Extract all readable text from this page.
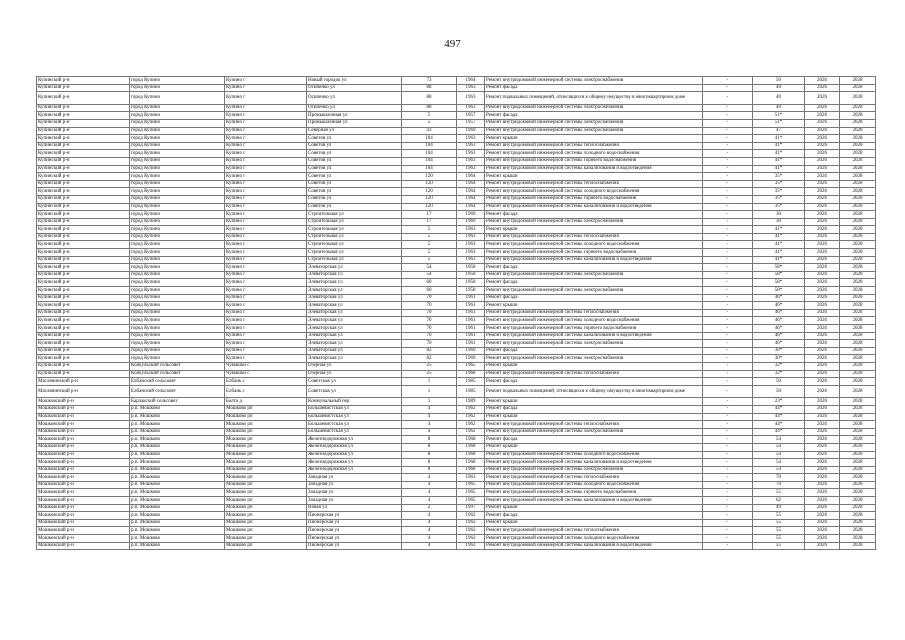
497
Купинский р-н	город Купино	Купино г	Новый городок ул	73	1964	Ремонт внутридомовой инженерной системы электроснабжения	-	50	2026	2028
Купинский р-н	город Купино	Купино г	Осипенко ул	88	1963	Ремонт фасада	-	40	2026	2028
Купинский р-н	город Купино	Купино г	Осипенко ул	88	1963	Ремонт подвальных помещений, относящихся к общему имуществу в многоквартирном доме	-	40	2026	2028
Купинский р-н	город Купино	Купино г	Осипенко ул	88	1963	Ремонт внутридомовой инженерной системы электроснабжения	-	40	2026	2028
Купинский р-н	город Купино	Купино г	Промышленная ул	5	1957	Ремонт фасада	-	51*	2026	2028
Купинский р-н	город Купино	Купино г	Промышленная ул	5	1957	Ремонт внутридомовой инженерной системы электроснабжения	-	51*	2026	2028
Купинский р-н	город Купино	Купино г	Северная ул	43	1969	Ремонт внутридомовой инженерной системы электроснабжения	-	47	2026	2028
Купинский р-н	город Купино	Купино г	Советов ул	104	1963	Ремонт крыши	-	41*	2026	2028
Купинский р-н	город Купино	Купино г	Советов ул	104	1963	Ремонт внутридомовой инженерной системы теплоснабжения	-	41*	2026	2028
Купинский р-н	город Купино	Купино г	Советов ул	104	1963	Ремонт внутридомовой инженерной системы холодного водоснабжения	-	41*	2026	2028
Купинский р-н	город Купино	Купино г	Советов ул	104	1963	Ремонт внутридомовой инженерной системы горячего водоснабжения	-	41*	2026	2028
Купинский р-н	город Купино	Купино г	Советов ул	104	1963	Ремонт внутридомовой инженерной системы канализования и водоотведения	-	41*	2026	2028
Купинский р-н	город Купино	Купино г	Советов ул	120	1964	Ремонт крыши	-	35*	2026	2028
Купинский р-н	город Купино	Купино г	Советов ул	120	1964	Ремонт внутридомовой инженерной системы теплоснабжения	-	35*	2026	2028
Купинский р-н	город Купино	Купино г	Советов ул	120	1964	Ремонт внутридомовой инженерной системы холодного водоснабжения	-	35*	2026	2028
Купинский р-н	город Купино	Купино г	Советов ул	120	1964	Ремонт внутридомовой инженерной системы горячего водоснабжения	-	35*	2026	2028
Купинский р-н	город Купино	Купино г	Советов ул	120	1964	Ремонт внутридомовой инженерной системы канализования и водоотведения	-	35*	2026	2028
Купинский р-н	город Купино	Купино г	Строительная ул	17	1969	Ремонт фасада	-	30	2026	2028
Купинский р-н	город Купино	Купино г	Строительная ул	17	1969	Ремонт внутридомовой инженерной системы электроснабжения	-	30	2026	2028
Купинский р-н	город Купино	Купино г	Строительная ул	5	1963	Ремонт крыши	-	41*	2026	2028
Купинский р-н	город Купино	Купино г	Строительная ул	5	1963	Ремонт внутридомовой инженерной системы теплоснабжения	-	41*	2026	2028
Купинский р-н	город Купино	Купино г	Строительная ул	5	1963	Ремонт внутридомовой инженерной системы холодного водоснабжения	-	41*	2026	2028
Купинский р-н	город Купино	Купино г	Строительная ул	5	1963	Ремонт внутридомовой инженерной системы горячего водоснабжения	-	41*	2026	2028
Купинский р-н	город Купино	Купино г	Строительная ул	5	1963	Ремонт внутридомовой инженерной системы канализования и водоотведения	-	41*	2026	2028
Купинский р-н	город Купино	Купино г	Элеваторская ул	54	1958	Ремонт фасада	-	58*	2026	2028
Купинский р-н	город Купино	Купино г	Элеваторская ул	54	1958	Ремонт внутридомовой инженерной системы электроснабжения	-	58*	2026	2028
Купинский р-н	город Купино	Купино г	Элеваторская ул	60	1958	Ремонт фасада	-	58*	2026	2028
Купинский р-н	город Купино	Купино г	Элеваторская ул	60	1958	Ремонт внутридомовой инженерной системы электроснабжения	-	58*	2026	2028
Купинский р-н	город Купино	Купино г	Элеваторская ул	70	1961	Ремонт фасада	-	46*	2026	2028
Купинский р-н	город Купино	Купино г	Элеваторская ул	70	1961	Ремонт крыши	-	46*	2026	2028
Купинский р-н	город Купино	Купино г	Элеваторская ул	70	1961	Ремонт внутридомовой инженерной системы теплоснабжения	-	46*	2026	2028
Купинский р-н	город Купино	Купино г	Элеваторская ул	70	1961	Ремонт внутридомовой инженерной системы холодного водоснабжения	-	46*	2026	2028
Купинский р-н	город Купино	Купино г	Элеваторская ул	70	1961	Ремонт внутридомовой инженерной системы горячего водоснабжения	-	46*	2026	2028
Купинский р-н	город Купино	Купино г	Элеваторская ул	70	1961	Ремонт внутридомовой инженерной системы канализования и водоотведения	-	46*	2026	2028
Купинский р-н	город Купино	Купино г	Элеваторская ул	70	1961	Ремонт внутридомовой инженерной системы электроснабжения	-	46*	2026	2028
Купинский р-н	город Купино	Купино г	Элеваторская ул	82	1969	Ремонт фасада	-	30*	2026	2028
Купинский р-н	город Купино	Купино г	Элеваторская ул	82	1969	Ремонт внутридомовой инженерной системы электроснабжения	-	30*	2026	2028
Купинский р-н	Копкульский сельсовет	Чумашки с	Озерная ул	25	1965	Ремонт крыши	-	32*	2026	2028
Купинский р-н	Копкульский сельсовет	Чумашки с	Озерная ул	25	1968	Ремонт внутридомовой инженерной системы теплоснабжения	-	32*	2026	2028
Маслянинский р-н	Елбанский сельсовет	Елбань с	Советская ул	1	1985	Ремонт фасада	-	50	2026	2028
Маслянинский р-н	Елбанский сельсовет	Елбань с	Советская ул	1	1985	Ремонт подвальных помещений, относящихся к общему имуществу в многоквартирном доме	-	50	2026	2028
Мошковский р-н	Барлакский сельсовет	Балта д	Коммунальный пер	1	1989	Ремонт крыши	-	23*	2026	2028
Мошковский р-н	р.п. Мошково	Мошково рп	Большевистская ул	4	1962	Ремонт фасада	-	44*	2026	2028
Мошковский р-н	р.п. Мошково	Мошково рп	Большевистская ул	4	1962	Ремонт крыши	-	44*	2026	2028
Мошковский р-н	р.п. Мошково	Мошково рп	Большевистская ул	4	1962	Ремонт внутридомовой инженерной системы теплоснабжения	-	44*	2026	2028
Мошковский р-н	р.п. Мошково	Мошково рп	Большевистская ул	4	1962	Ремонт внутридомовой инженерной системы электроснабжения	-	44*	2026	2028
Мошковский р-н	р.п. Мошково	Мошково рп	Железнодорожная ул	8	1968	Ремонт фасада	-	54	2026	2028
Мошковский р-н	р.п. Мошково	Мошково рп	Железнодорожная ул	8	1968	Ремонт крыши	-	54	2026	2028
Мошковский р-н	р.п. Мошково	Мошково рп	Железнодорожная ул	8	1968	Ремонт внутридомовой инженерной системы холодного водоснабжения	-	54	2026	2028
Мошковский р-н	р.п. Мошково	Мошково рп	Железнодорожная ул	8	1968	Ремонт внутридомовой инженерной системы канализования и водоотведения	-	54	2026	2028
Мошковский р-н	р.п. Мошково	Мошково рп	Железнодорожная ул	8	1968	Ремонт внутридомовой инженерной системы электроснабжения	-	54	2026	2028
Мошковский р-н	р.п. Мошково	Мошково рп	Западная ул	4	1963	Ремонт внутридомовой инженерной системы теплоснабжения	-	70	2026	2028
Мошковский р-н	р.п. Мошково	Мошково рп	Западная ул	4	1965	Ремонт внутридомовой инженерной системы холодного водоснабжения	-	70	2026	2028
Мошковский р-н	р.п. Мошково	Мошково рп	Западная ул	4	1965	Ремонт внутридомовой инженерной системы горячего водоснабжения	-	55	2026	2028
Мошковский р-н	р.п. Мошково	Мошково рп	Западная ул	4	1965	Ремонт внутридомовой инженерной системы канализования и водоотведения	-	62	2026	2028
Мошковский р-н	р.п. Мошково	Мошково рп	Новая ул	2	1997	Ремонт крыши	-	49	2026	2028
Мошковский р-н	р.п. Мошково	Мошково рп	Пионерская ул	4	1962	Ремонт фасада	-	55	2026	2028
Мошковский р-н	р.п. Мошково	Мошково рп	Пионерская ул	4	1962	Ремонт крыши	-	55	2026	2028
Мошковский р-н	р.п. Мошково	Мошково рп	Пионерская ул	4	1962	Ремонт внутридомовой инженерной системы теплоснабжения	-	55	2026	2028
Мошковский р-н	р.п. Мошково	Мошково рп	Пионерская ул	4	1962	Ремонт внутридомовой инженерной системы холодного водоснабжения	-	55	2026	2028
Мошковский р-н	р.п. Мошково	Мошково рп	Пионерская ул	4	1962	Ремонт внутридомовой инженерной системы канализования и водоотведения	-	55	2026	2028
